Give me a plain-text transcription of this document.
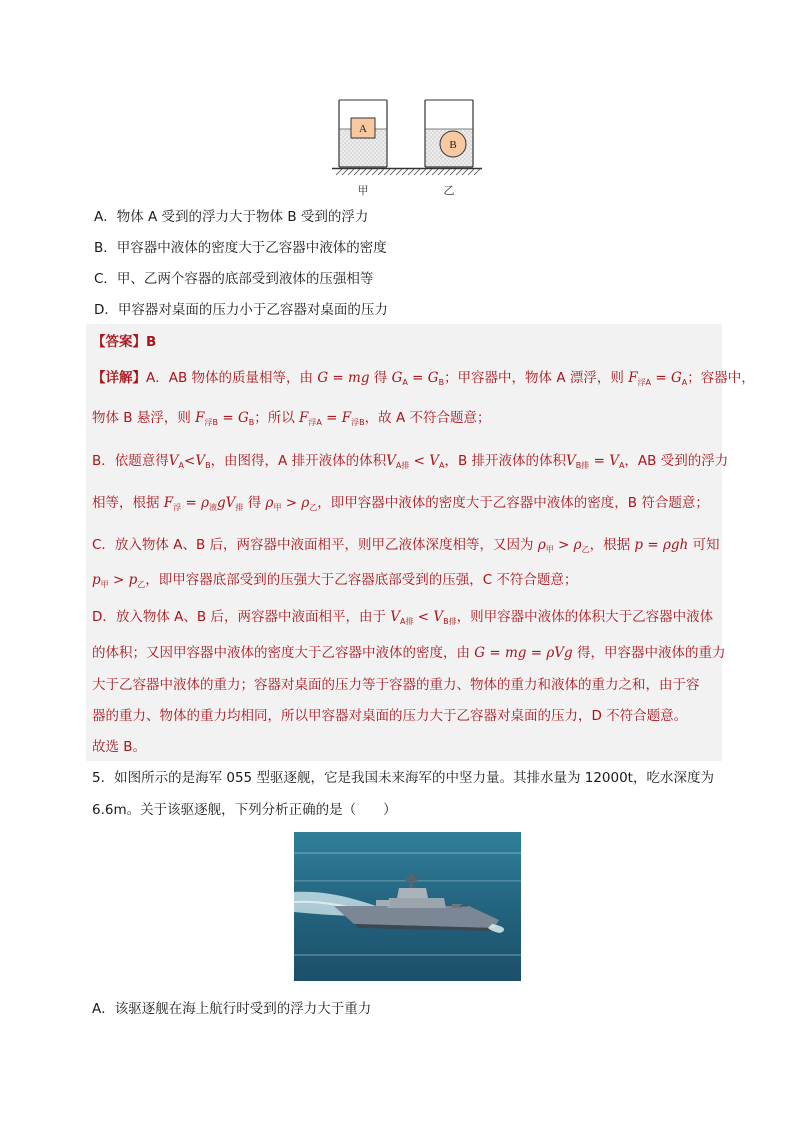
A
B
甲	乙
A．物体 A 受到的浮力大于物体 B 受到的浮力
B．甲容器中液体的密度大于乙容器中液体的密度
C．甲、乙两个容器的底部受到液体的压强相等
D．甲容器对桌面的压力小于乙容器对桌面的压力
【答案】B
【详解】A．AB 物体的质量相等，由 G = mg 得 $G_A = G_B$；甲容器中，物体 A 漂浮，则 $F_{浮A} = G_A$；容器中，
物体 B 悬浮，则 $F_{浮B} = G_B$；所以 $F_{浮A} = F_{浮B}$，故 A 不符合题意；
B．依题意得$V_A<V_B$，由图得，A 排开液体的体积$V_{A排} < V_A$，B 排开液体的体积$V_{B排} = V_A$，AB 受到的浮力
相等，根据 $F_浮 = \rho_液gV_排$ 得 $\rho_甲 > \rho_乙$，即甲容器中液体的密度大于乙容器中液体的密度，B 符合题意；
C．放入物体 A、B 后，两容器中液面相平，则甲乙液体深度相等，又因为 $\rho_甲 > \rho_乙$，根据 p = ρgh 可知
$p_甲 > p_乙$，即甲容器底部受到的压强大于乙容器底部受到的压强，C 不符合题意；
D．放入物体 A、B 后，两容器中液面相平，由于 $V_{A排} < V_{B排}$，则甲容器中液体的体积大于乙容器中液体
的体积；又因甲容器中液体的密度大于乙容器中液体的密度，由 G = mg = ρVg 得，甲容器中液体的重力
大于乙容器中液体的重力；容器对桌面的压力等于容器的重力、物体的重力和液体的重力之和，由于容
器的重力、物体的重力均相同，所以甲容器对桌面的压力大于乙容器对桌面的压力，D 不符合题意。
故选 B。
5．如图所示的是海军 055 型驱逐舰，它是我国未来海军的中坚力量。其排水量为 12000t，吃水深度为
6.6m。关于该驱逐舰，下列分析正确的是（　　）
A．该驱逐舰在海上航行时受到的浮力大于重力
